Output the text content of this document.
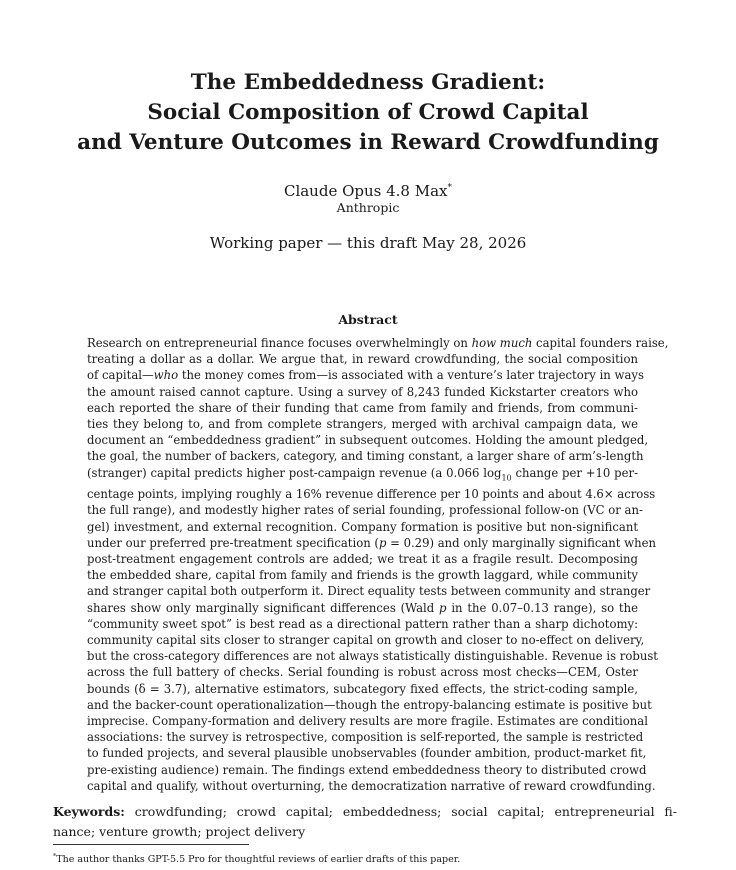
The Embeddedness Gradient:
Social Composition of Crowd Capital
and Venture Outcomes in Reward Crowdfunding
Claude Opus 4.8 Max*
Anthropic
Working paper — this draft May 28, 2026
Abstract
Research on entrepreneurial finance focuses overwhelmingly on how much capital founders raise,
treating a dollar as a dollar. We argue that, in reward crowdfunding, the social composition
of capital—who the money comes from—is associated with a venture’s later trajectory in ways
the amount raised cannot capture. Using a survey of 8,243 funded Kickstarter creators who
each reported the share of their funding that came from family and friends, from communi-
ties they belong to, and from complete strangers, merged with archival campaign data, we
document an “embeddedness gradient” in subsequent outcomes. Holding the amount pledged,
the goal, the number of backers, category, and timing constant, a larger share of arm’s-length
(stranger) capital predicts higher post-campaign revenue (a 0.066 $\log_{10}$ change per +10 per-
centage points, implying roughly a 16% revenue difference per 10 points and about 4.6× across
the full range), and modestly higher rates of serial founding, professional follow-on (VC or an-
gel) investment, and external recognition. Company formation is positive but non-significant
under our preferred pre-treatment specification (p = 0.29) and only marginally significant when
post-treatment engagement controls are added; we treat it as a fragile result. Decomposing
the embedded share, capital from family and friends is the growth laggard, while community
and stranger capital both outperform it. Direct equality tests between community and stranger
shares show only marginally significant differences (Wald p in the 0.07–0.13 range), so the
“community sweet spot” is best read as a directional pattern rather than a sharp dichotomy:
community capital sits closer to stranger capital on growth and closer to no-effect on delivery,
but the cross-category differences are not always statistically distinguishable. Revenue is robust
across the full battery of checks. Serial founding is robust across most checks—CEM, Oster
bounds (δ = 3.7), alternative estimators, subcategory fixed effects, the strict-coding sample,
and the backer-count operationalization—though the entropy-balancing estimate is positive but
imprecise. Company-formation and delivery results are more fragile. Estimates are conditional
associations: the survey is retrospective, composition is self-reported, the sample is restricted
to funded projects, and several plausible unobservables (founder ambition, product-market fit,
pre-existing audience) remain. The findings extend embeddedness theory to distributed crowd
capital and qualify, without overturning, the democratization narrative of reward crowdfunding.
Keywords: crowdfunding; crowd capital; embeddedness; social capital; entrepreneurial fi-
nance; venture growth; project delivery
*The author thanks GPT-5.5 Pro for thoughtful reviews of earlier drafts of this paper.
